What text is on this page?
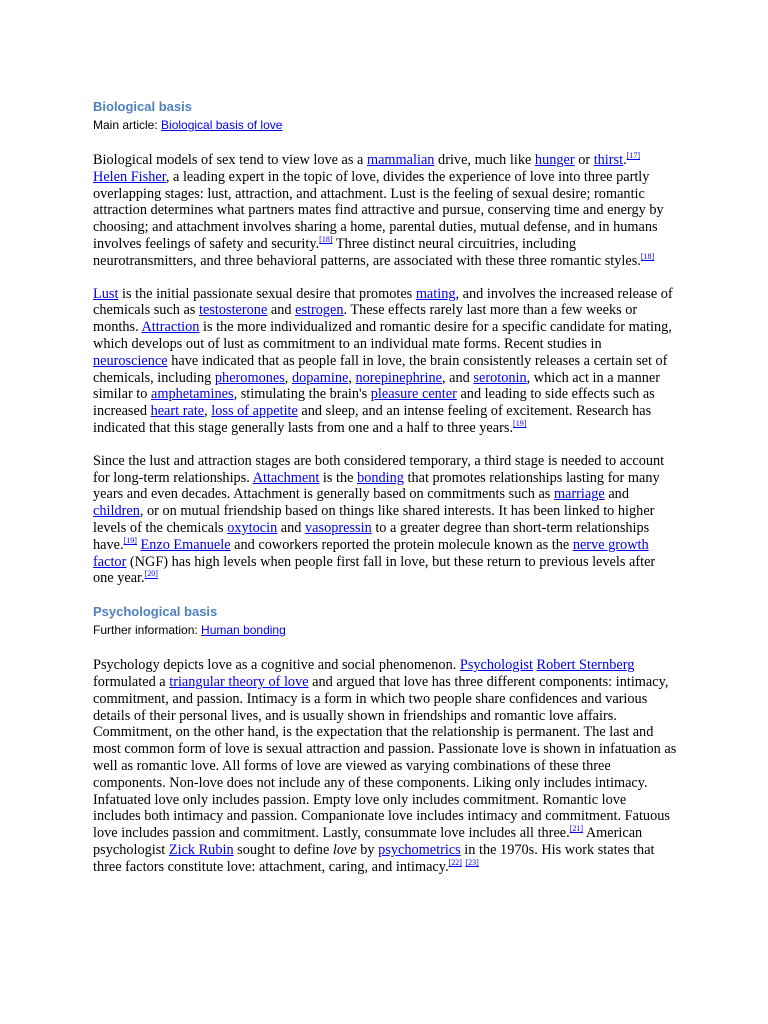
Biological basis

Main article: Biological basis of love

Biological models of sex tend to view love as a mammalian drive, much like hunger or thirst.[17] Helen Fisher, a leading expert in the topic of love, divides the experience of love into three partly overlapping stages: lust, attraction, and attachment. Lust is the feeling of sexual desire; romantic attraction determines what partners mates find attractive and pursue, conserving time and energy by choosing; and attachment involves sharing a home, parental duties, mutual defense, and in humans involves feelings of safety and security.[18] Three distinct neural circuitries, including neurotransmitters, and three behavioral patterns, are associated with these three romantic styles.[18]

Lust is the initial passionate sexual desire that promotes mating, and involves the increased release of chemicals such as testosterone and estrogen. These effects rarely last more than a few weeks or months. Attraction is the more individualized and romantic desire for a specific candidate for mating, which develops out of lust as commitment to an individual mate forms. Recent studies in neuroscience have indicated that as people fall in love, the brain consistently releases a certain set of chemicals, including pheromones, dopamine, norepinephrine, and serotonin, which act in a manner similar to amphetamines, stimulating the brain's pleasure center and leading to side effects such as increased heart rate, loss of appetite and sleep, and an intense feeling of excitement. Research has indicated that this stage generally lasts from one and a half to three years.[19]

Since the lust and attraction stages are both considered temporary, a third stage is needed to account for long-term relationships. Attachment is the bonding that promotes relationships lasting for many years and even decades. Attachment is generally based on commitments such as marriage and children, or on mutual friendship based on things like shared interests. It has been linked to higher levels of the chemicals oxytocin and vasopressin to a greater degree than short-term relationships have.[19] Enzo Emanuele and coworkers reported the protein molecule known as the nerve growth factor (NGF) has high levels when people first fall in love, but these return to previous levels after one year.[20]

Psychological basis

Further information: Human bonding

Psychology depicts love as a cognitive and social phenomenon. Psychologist Robert Sternberg formulated a triangular theory of love and argued that love has three different components: intimacy, commitment, and passion. Intimacy is a form in which two people share confidences and various details of their personal lives, and is usually shown in friendships and romantic love affairs. Commitment, on the other hand, is the expectation that the relationship is permanent. The last and most common form of love is sexual attraction and passion. Passionate love is shown in infatuation as well as romantic love. All forms of love are viewed as varying combinations of these three components. Non-love does not include any of these components. Liking only includes intimacy. Infatuated love only includes passion. Empty love only includes commitment. Romantic love includes both intimacy and passion. Companionate love includes intimacy and commitment. Fatuous love includes passion and commitment. Lastly, consummate love includes all three.[21] American psychologist Zick Rubin sought to define love by psychometrics in the 1970s. His work states that three factors constitute love: attachment, caring, and intimacy.[22] [23]
